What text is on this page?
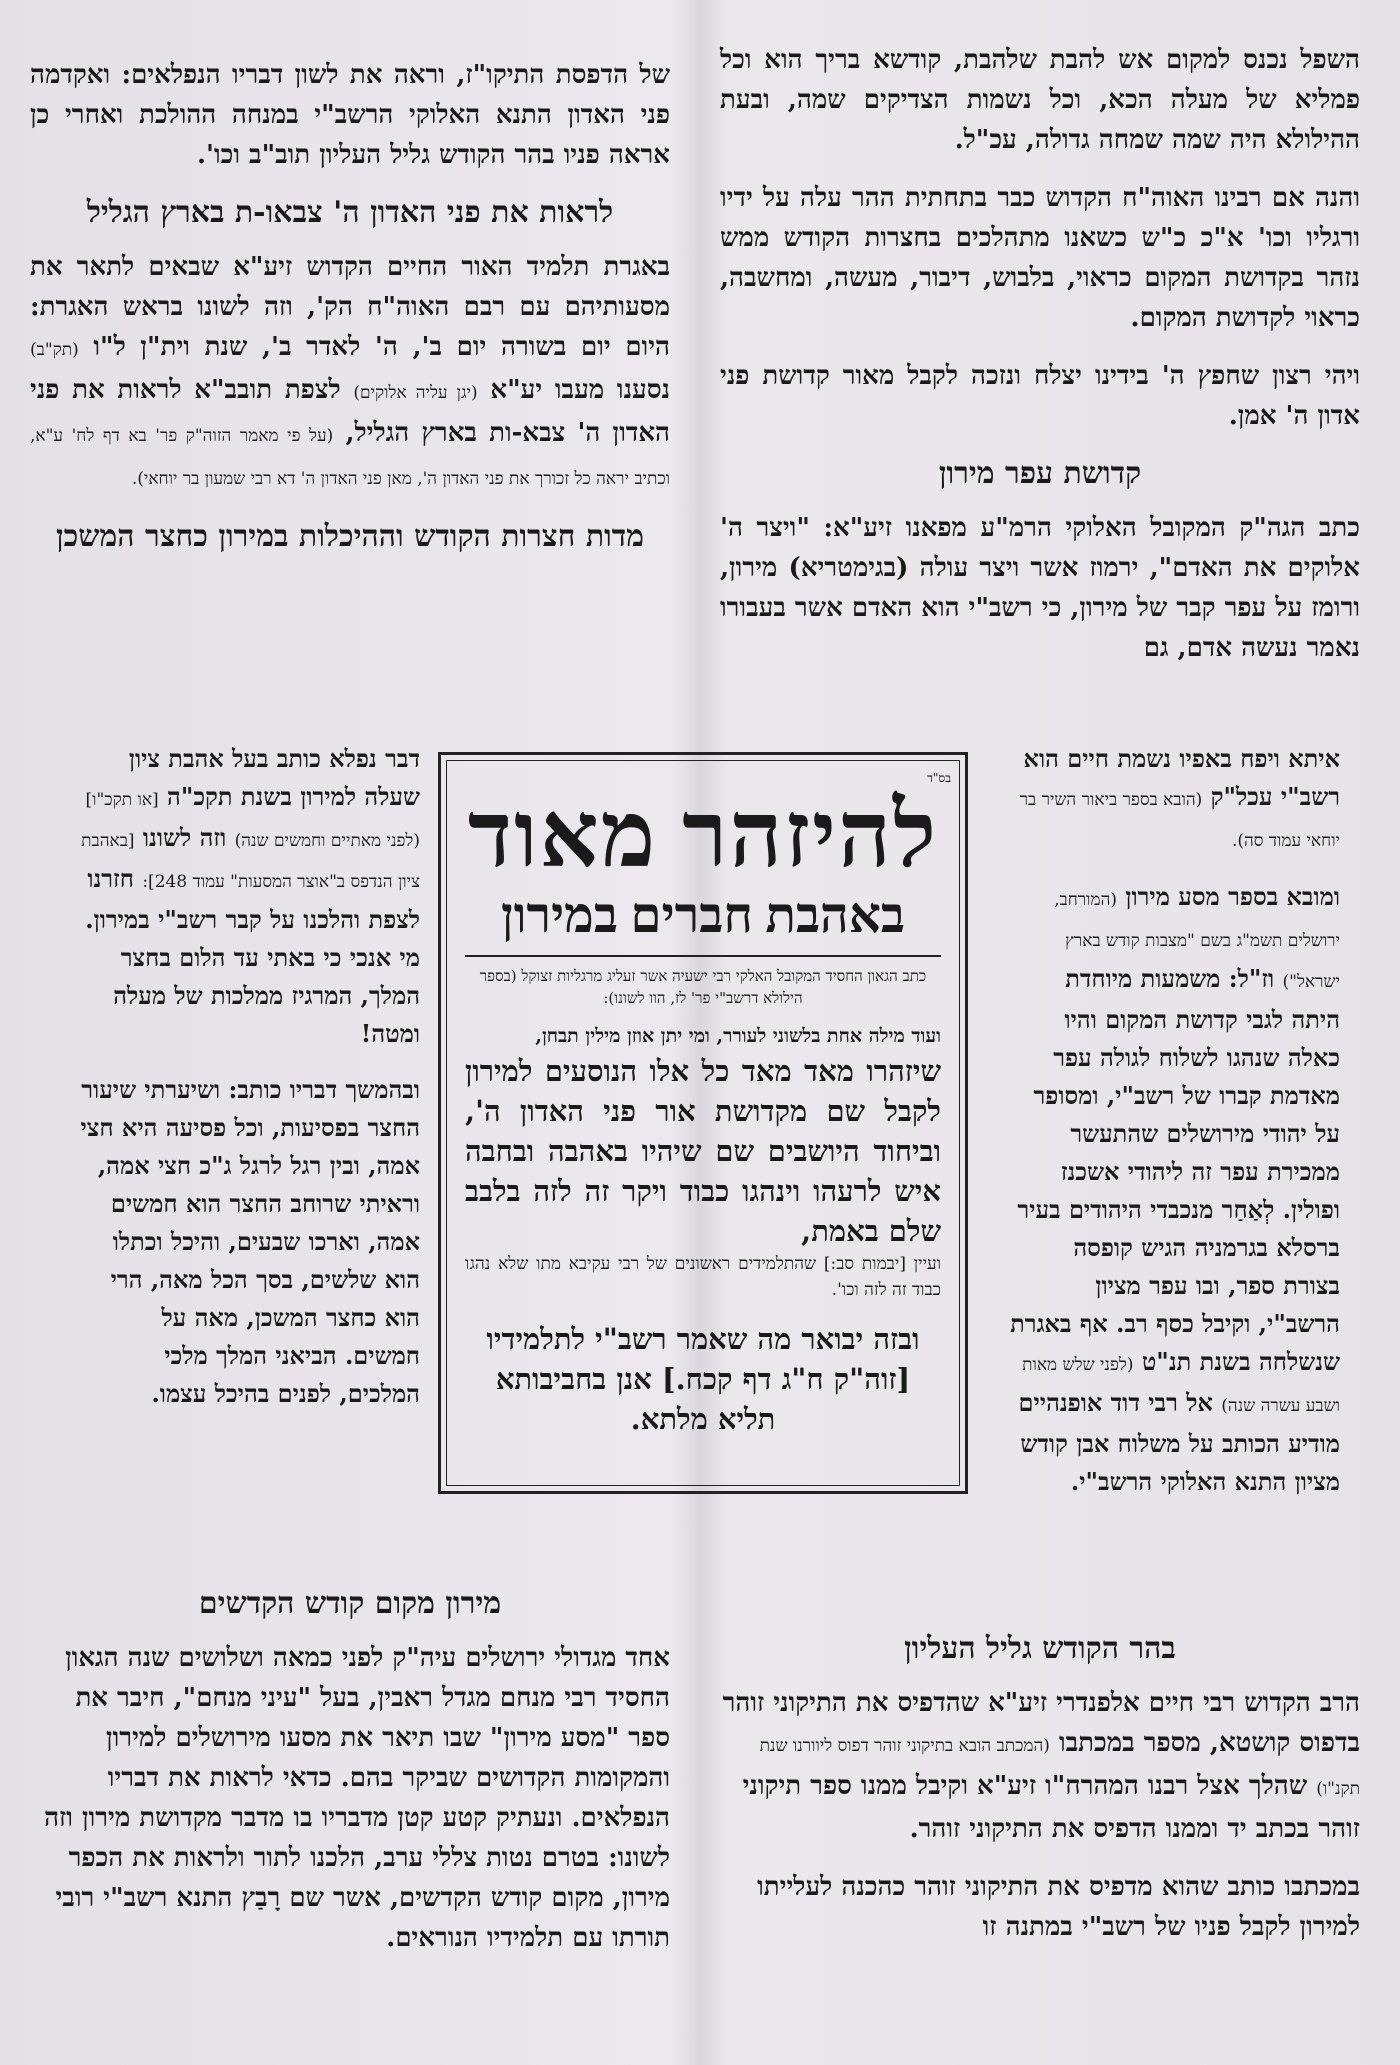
השפל נכנס למקום אש להבת שלהבת, קודשא בריך הוא וכל פמליא של מעלה הכא, וכל נשמות הצדיקים שמה, ובעת ההילולא היה שמה שמחה גדולה, עכ"ל.

והנה אם רבינו האוה"ח הקדוש כבר בתחתית ההר עלה על ידיו ורגליו וכו' א"כ כ"ש כשאנו מתהלכים בחצרות הקודש ממש נזהר בקדושת המקום כראוי, בלבוש, דיבור, מעשה, ומחשבה, כראוי לקדושת המקום.

ויהי רצון שחפץ ה' בידינו יצלח ונזכה לקבל מאור קדושת פני אדון ה' אמן.

קדושת עפר מירון

כתב הגה"ק המקובל האלוקי הרמ"ע מפאנו זיע"א: "ויצר ה' אלוקים את האדם", ירמוז אשר ויצר עולה (בגימטריא) מירון, ורומז על עפר קבר של מירון, כי רשב"י הוא האדם אשר בעבורו נאמר נעשה אדם, גם

איתא ויפח באפיו נשמת חיים הוא רשב"י עכל"ק (הובא בספר ביאור השיר בר יוחאי עמוד סה).

ומובא בספר מסע מירון (המורחב, ירושלים תשמ"ג בשם "מצבות קודש בארץ ישראל") וז"ל: משמעות מיוחדת היתה לגבי קדושת המקום והיו כאלה שנהגו לשלוח לגולה עפר מאדמת קברו של רשב"י, ומסופר על יהודי מירושלים שהתעשר ממכירת עפר זה ליהודי אשכנז ופולין. לְאַחַר מנכבדי היהודים בעיר ברסלא בגרמניה הגיש קופסה בצורת ספר, ובו עפר מציון הרשב"י, וקיבל כסף רב. אף באגרת שנשלחה בשנת תנ"ט (לפני שלש מאות ושבע עשרה שנה) אל רבי דוד אופנהיים מודיע הכותב על משלוח אבן קודש מציון התנא האלוקי הרשב"י.

של הדפסת התיקו"ז, וראה את לשון דבריו הנפלאים: ואקדמה פני האדון התנא האלוקי הרשב"י במנחה ההולכת ואחרי כן אראה פניו בהר הקודש גליל העליון תוב"ב וכו'.

לראות את פני האדון ה' צבאו-ת בארץ הגליל

באגרת תלמיד האור החיים הקדוש זיע"א שבאים לתאר את מסעותיהם עם רבם האוה"ח הק', וזה לשונו בראש האגרת: היום יום בשורה יום ב', ה' לאדר ב', שנת וית"ן ל"ו (תק"ב) נסענו מעבו יע"א (יגן עליה אלוקים) לצפת תובב"א לראות את פני האדון ה' צבא-ות בארץ הגליל, (על פי מאמר הזוה"ק פר' בא דף לח' ע"א, וכתיב יראה כל זכורך את פני האדון ה', מאן פני האדון ה' דא רבי שמעון בר יוחאי).

מדות חצרות הקודש וההיכלות במירון כחצר המשכן

דבר נפלא כותב בעל אהבת ציון שעלה למירון בשנת תקכ"ה [או תקכ"ו] (לפני מאתיים וחמשים שנה) וזה לשונו [באהבת ציון הנדפס ב"אוצר המסעות" עמוד 248]: חזרנו לצפת והלכנו על קבר רשב"י במירון. מי אנכי כי באתי עד הלום בחצר המלך, המרגיז ממלכות של מעלה ומטה!

ובהמשך דבריו כותב: ושיערתי שיעור החצר בפסיעות, וכל פסיעה היא חצי אמה, ובין רגל לרגל ג"כ חצי אמה, וראיתי שרוחב החצר הוא חמשים אמה, וארכו שבעים, והיכל וכתלו הוא שלשים, בסך הכל מאה, הרי הוא כחצר המשכן, מאה על חמשים. הביאני המלך מלכי המלכים, לפנים בהיכל עצמו.

בס"ד
להיזהר מאוד
באהבת חברים במירון
כתב הגאון החסיד המקובל האלקי רבי ישעיה אשר זעליג מרגליות זצוקל (בספר הילולא דרשב"י פר' לז, הוו לשונו):
ועוד מילה אחת בלשוני לעורר, ומי יתן אוזן מילין תבחן,
שיזהרו מאד מאד כל אלו הנוסעים למירון לקבל שם מקדושת אור פני האדון ה', וביחוד היושבים שם שיהיו באהבה ובחבה איש לרעהו וינהגו כבוד ויקר זה לזה בלבב שלם באמת,
ועיין [יבמות סב:] שהתלמידים ראשונים של רבי עקיבא מתו שלא נהגו כבוד זה לזה וכו'.
ובזה יבואר מה שאמר רשב"י לתלמידיו [זוה"ק ח"ג דף קכח.] אנן בחביבותא תליא מלתא.
מירון מקום קודש הקדשים

אחד מגדולי ירושלים עיה"ק לפני כמאה ושלושים שנה הגאון החסיד רבי מנחם מגדל ראבין, בעל "עיני מנחם", חיבר את ספר "מסע מירון" שבו תיאר את מסעו מירושלים למירון והמקומות הקדושים שביקר בהם. כדאי לראות את דבריו הנפלאים. ונעתיק קטע קטן מדבריו בו מדבר מקדושת מירון וזה לשונו: בטרם נטות צללי ערב, הלכנו לתור ולראות את הכפר מירון, מקום קודש הקדשים, אשר שם רָבַץ התנא רשב"י רובי תורתו עם תלמידיו הנוראים.

בהר הקודש גליל העליון

הרב הקדוש רבי חיים אלפנדרי זיע"א שהדפיס את התיקוני זוהר בדפוס קושטא, מספר במכתבו (המכתב הובא בתיקוני זוהר דפוס ליוורנו שנת תקנ"ו) שהלך אצל רבנו המהרח"ו זיע"א וקיבל ממנו ספר תיקוני זוהר בכתב יד וממנו הדפיס את התיקוני זוהר.

במכתבו כותב שהוא מדפיס את התיקוני זוהר כהכנה לעלייתו למירון לקבל פניו של רשב"י במתנה זו
